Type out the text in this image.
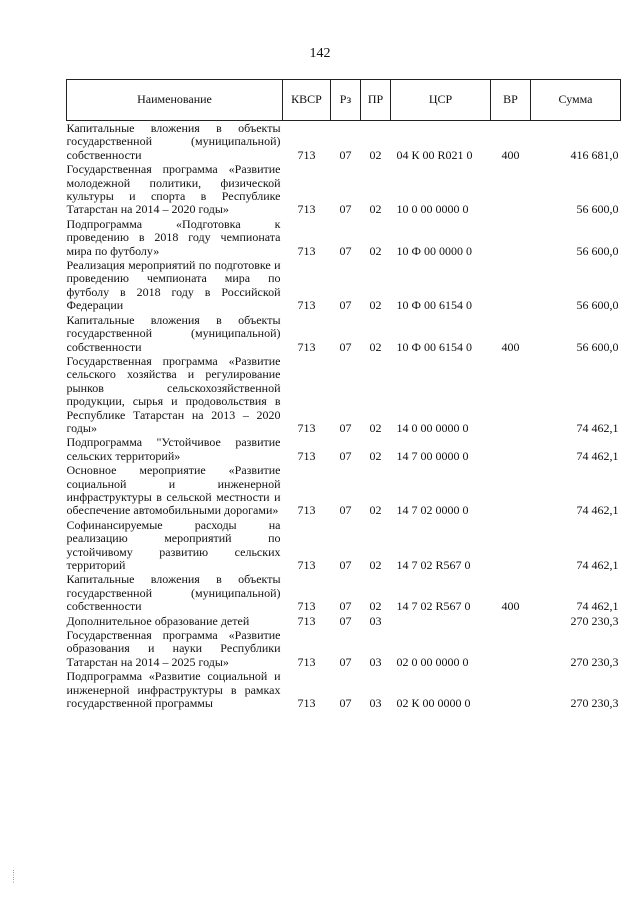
142
Наименование	КВСР	Рз	ПР	ЦСР	ВР	Сумма
Капитальные вложения в объекты государственной (муниципальной) собственности	713	07	02	04 К 00 R021 0	400	416 681,0
Государственная программа «Развитие молодежной политики, физической культуры и спорта в Республике Татарстан на 2014 – 2020 годы»	713	07	02	10 0 00 0000 0		56 600,0
Подпрограмма «Подготовка к проведению в 2018 году чемпионата мира по футболу»	713	07	02	10 Ф 00 0000 0		56 600,0
Реализация мероприятий по подготовке и проведению чемпионата мира по футболу в 2018 году в Российской Федерации	713	07	02	10 Ф 00 6154 0		56 600,0
Капитальные вложения в объекты государственной (муниципальной) собственности	713	07	02	10 Ф 00 6154 0	400	56 600,0
Государственная программа «Развитие сельского хозяйства и регулирование рынков сельскохозяйственной продукции, сырья и продовольствия в Республике Татарстан на 2013 – 2020 годы»	713	07	02	14 0 00 0000 0		74 462,1
Подпрограмма "Устойчивое развитие сельских территорий»	713	07	02	14 7 00 0000 0		74 462,1
Основное мероприятие «Развитие социальной и инженерной инфраструктуры в сельской местности и обеспечение автомобильными дорогами»	713	07	02	14 7 02 0000 0		74 462,1
Софинансируемые расходы на реализацию мероприятий по устойчивому развитию сельских территорий	713	07	02	14 7 02 R567 0		74 462,1
Капитальные вложения в объекты государственной (муниципальной) собственности	713	07	02	14 7 02 R567 0	400	74 462,1
Дополнительное образование детей	713	07	03			270 230,3
Государственная программа «Развитие образования и науки Республики Татарстан на 2014 – 2025 годы»	713	07	03	02 0 00 0000 0		270 230,3
Подпрограмма «Развитие социальной и инженерной инфраструктуры в рамках государственной программы	713	07	03	02 К 00 0000 0		270 230,3
⋮
⋮
